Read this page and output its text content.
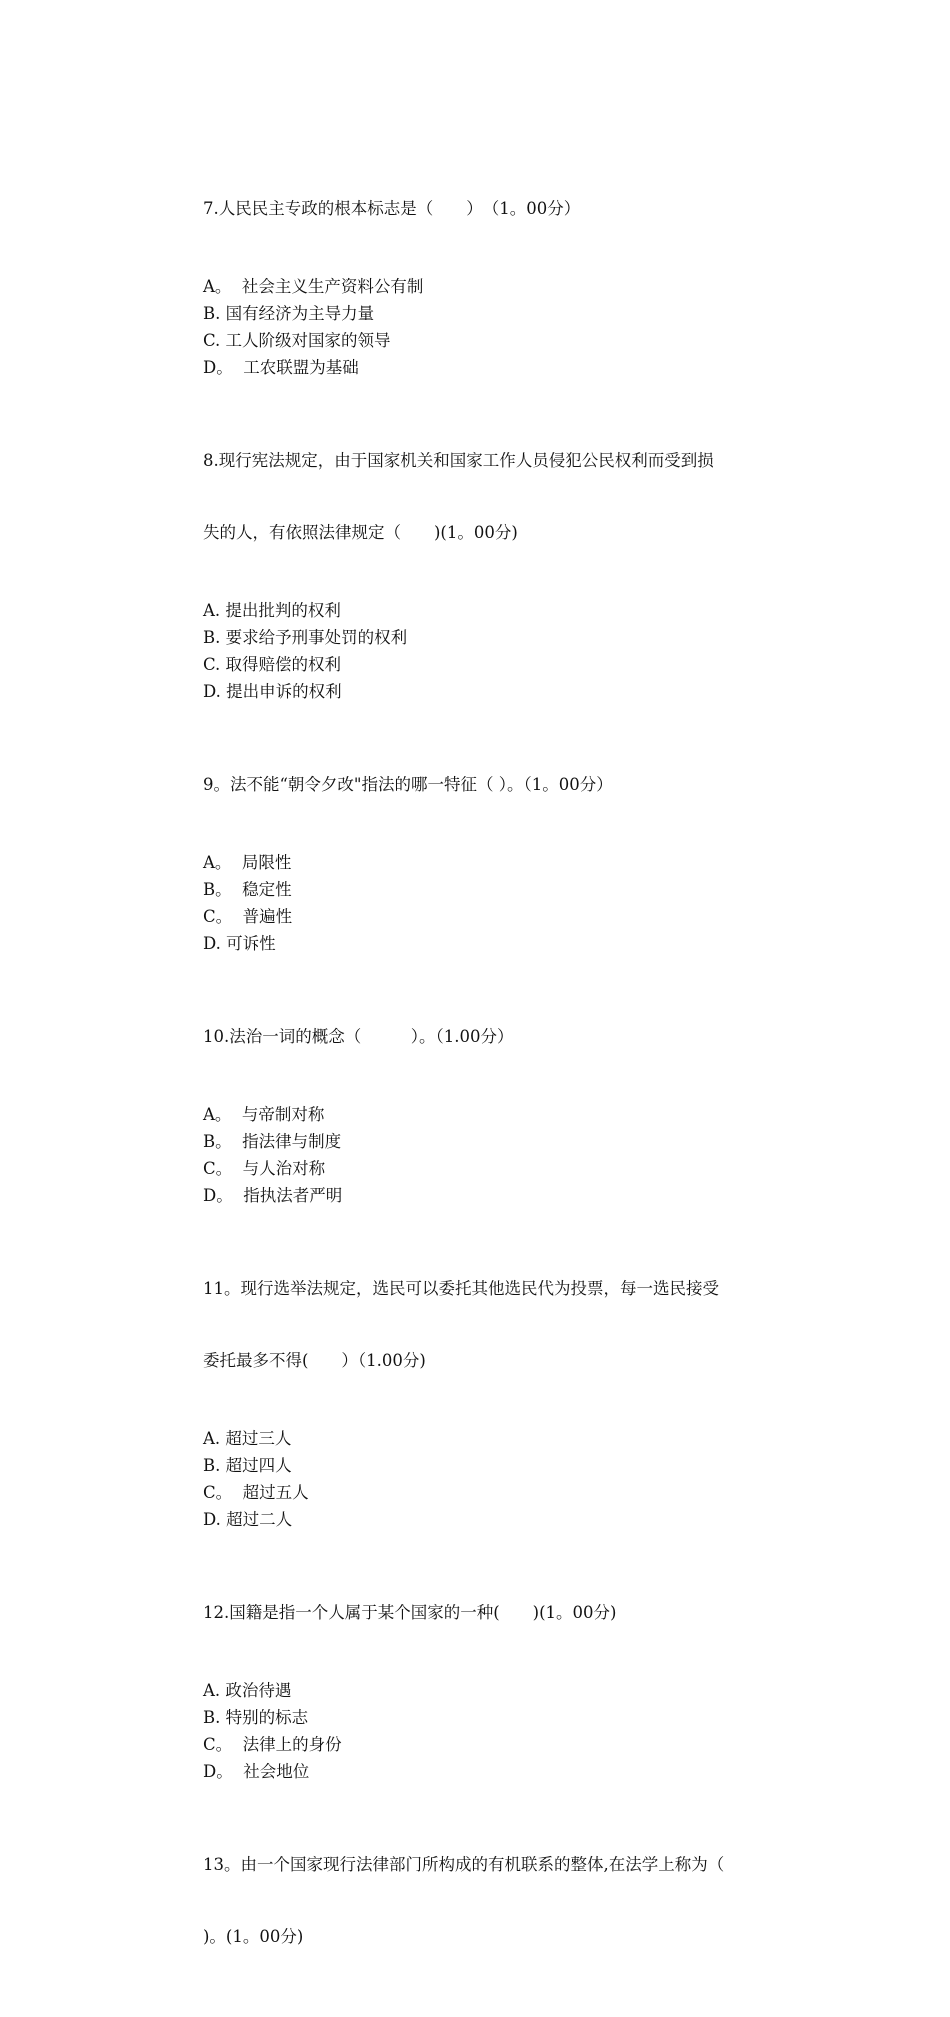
7.人民民主专政的根本标志是（　　）　（1。00分）

A。  社会主义生产资料公有制
B. 国有经济为主导力量
C. 工人阶级对国家的领导
D。  工农联盟为基础

8.现行宪法规定，由于国家机关和国家工作人员侵犯公民权利而受到损

失的人，有依照法律规定（　　)(1。00分)

A. 提出批判的权利
B. 要求给予刑事处罚的权利
C. 取得赔偿的权利
D. 提出申诉的权利

9。法不能“朝令夕改"指法的哪一特征（ ）。（1。00分）

A。  局限性
B。  稳定性
C。  普遍性
D. 可诉性

10.法治一词的概念（　　　）。（1.00分）

A。  与帝制对称
B。  指法律与制度
C。  与人治对称
D。  指执法者严明

11。现行选举法规定，选民可以委托其他选民代为投票，每一选民接受

委托最多不得(　　）（1.00分)

A. 超过三人
B. 超过四人
C。  超过五人
D. 超过二人

12.国籍是指一个人属于某个国家的一种(　　)(1。00分)

A. 政治待遇
B. 特别的标志
C。  法律上的身份
D。  社会地位

13。由一个国家现行法律部门所构成的有机联系的整体,在法学上称为（

)。(1。00分)
